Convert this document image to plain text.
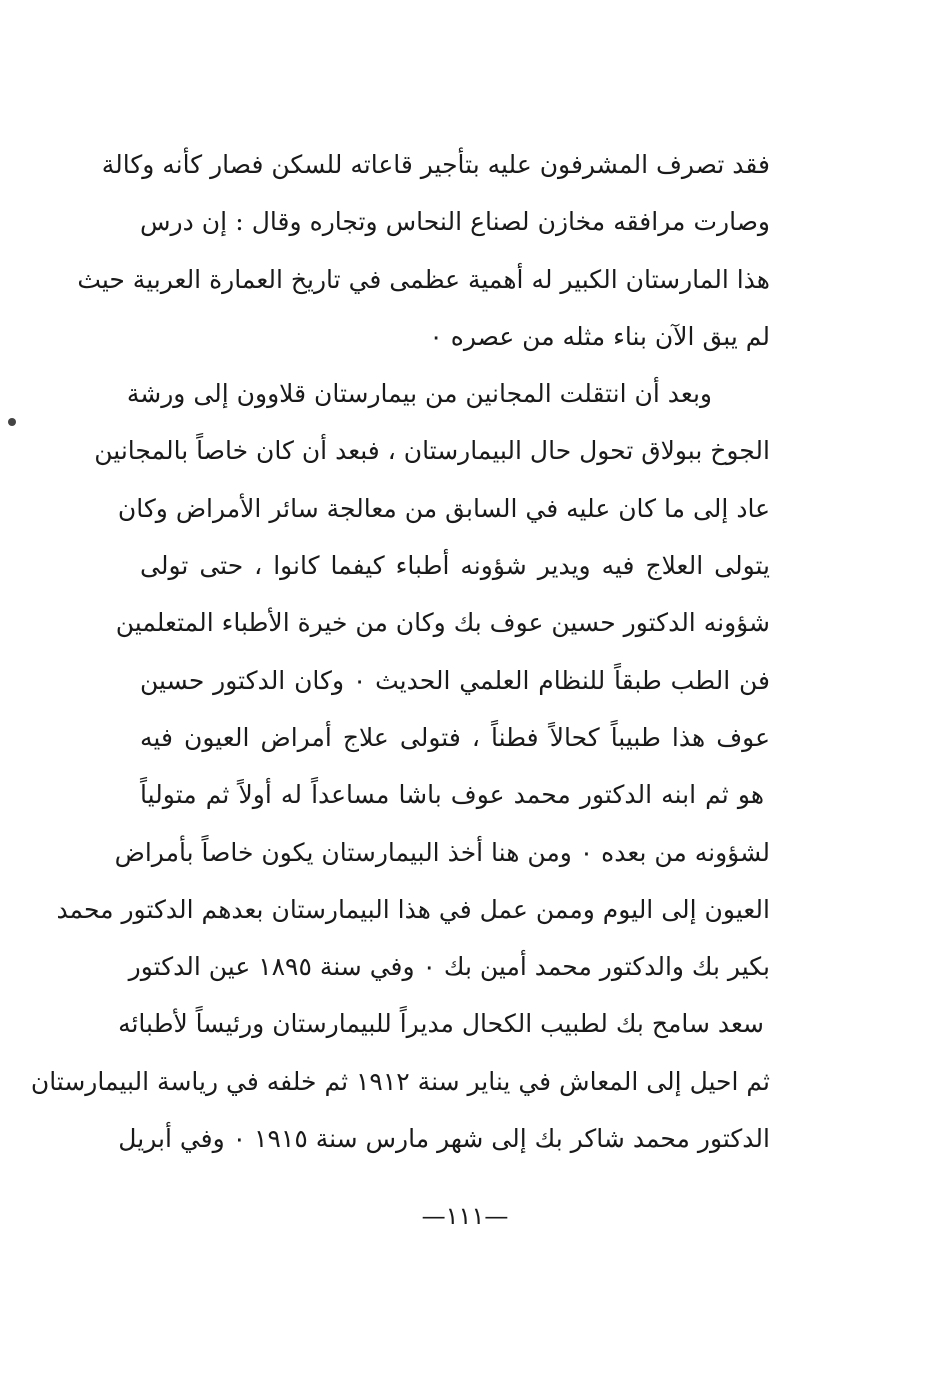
فقد تصرف المشرفون عليه بتأجير قاعاته للسكن فصار كأنه وكالة
وصارت مرافقه مخازن لصناع النحاس وتجاره وقال : إن درس
هذا المارستان الكبير له أهمية عظمى في تاريخ العمارة العربية حيث
لم يبق الآن بناء مثله من عصره ٠
وبعد أن انتقلت المجانين من بيمارستان قلاوون إلى ورشة
الجوخ ببولاق تحول حال البيمارستان ، فبعد أن كان خاصاً بالمجانين
عاد إلى ما كان عليه في السابق من معالجة سائر الأمراض وكان
يتولى العلاج فيه ويدير شؤونه أطباء كيفما كانوا ، حتى تولى
شؤونه الدكتور حسين عوف بك وكان من خيرة الأطباء المتعلمين
فن الطب طبقاً للنظام العلمي الحديث ٠ وكان الدكتور حسين
عوف هذا طبيباً كحالاً فطناً ، فتولى علاج أمراض العيون فيه
هو ثم ابنه الدكتور محمد عوف باشا مساعداً له أولاً ثم متولياً
لشؤونه من بعده ٠ ومن هنا أخذ البيمارستان يكون خاصاً بأمراض
العيون إلى اليوم وممن عمل في هذا البيمارستان بعدهم الدكتور محمد
بكير بك والدكتور محمد أمين بك ٠ وفي سنة ١٨٩٥ عين الدكتور
سعد سامح بك لطبيب الكحال مديراً للبيمارستان ورئيساً لأطبائه
ثم احيل إلى المعاش في يناير سنة ١٩١٢ ثم خلفه في رياسة البيمارستان
الدكتور محمد شاكر بك إلى شهر مارس سنة ١٩١٥ ٠ وفي أبريل
—١١١—
